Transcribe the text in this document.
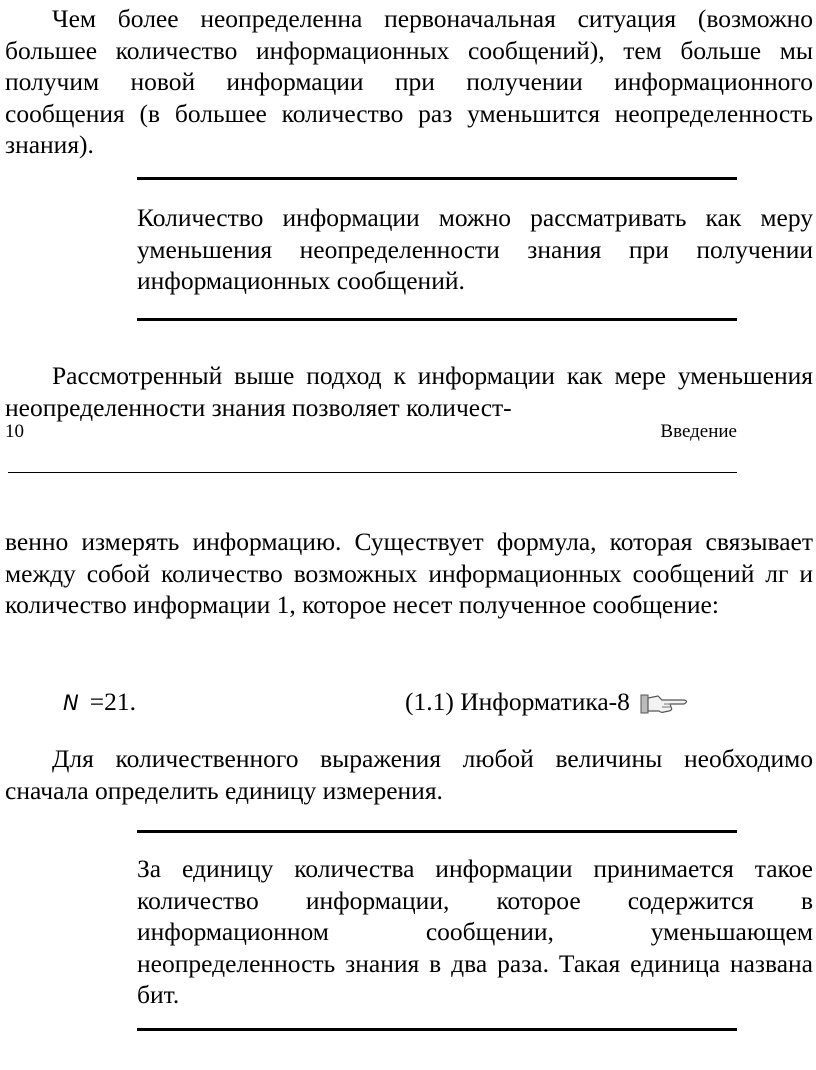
Чем более неопределенна первоначальная ситуация (возможно большее количество информационных сообщений), тем больше мы получим новой информации при получении информационного сообщения (в большее количество раз уменьшится неопределенность знания).

Количество информации можно рассматривать как меру уменьшения неопределенности знания при получении информационных сообщений.

Рассмотренный выше подход к информации как мере уменьшения неопределенности знания позволяет количест-

10	Введение

венно измерять информацию. Существует формула, которая связывает между собой количество возможных информационных сообщений лг и количество информации 1, которое несет полученное сообщение:

N =21.	(1.1) Информатика-8

Для количественного выражения любой величины необходимо сначала определить единицу измерения.

За единицу количества информации принимается такое количество информации, которое содержится в информационном сообщении, уменьшающем неопределенность знания в два раза. Такая единица названа бит.
